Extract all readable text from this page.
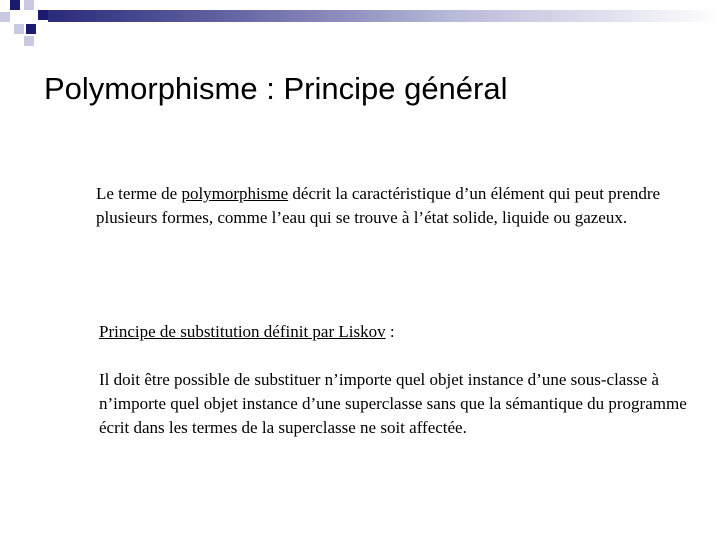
Polymorphisme : Principe général

Le terme de polymorphisme décrit la caractéristique d’un élément qui peut prendre plusieurs formes, comme l’eau qui se trouve à l’état solide, liquide ou gazeux.

Principe de substitution définit par Liskov :

Il doit être possible de substituer n’importe quel objet instance d’une sous-classe à n’importe quel objet instance d’une superclasse sans que la sémantique du programme écrit dans les termes de la superclasse ne soit affectée.
